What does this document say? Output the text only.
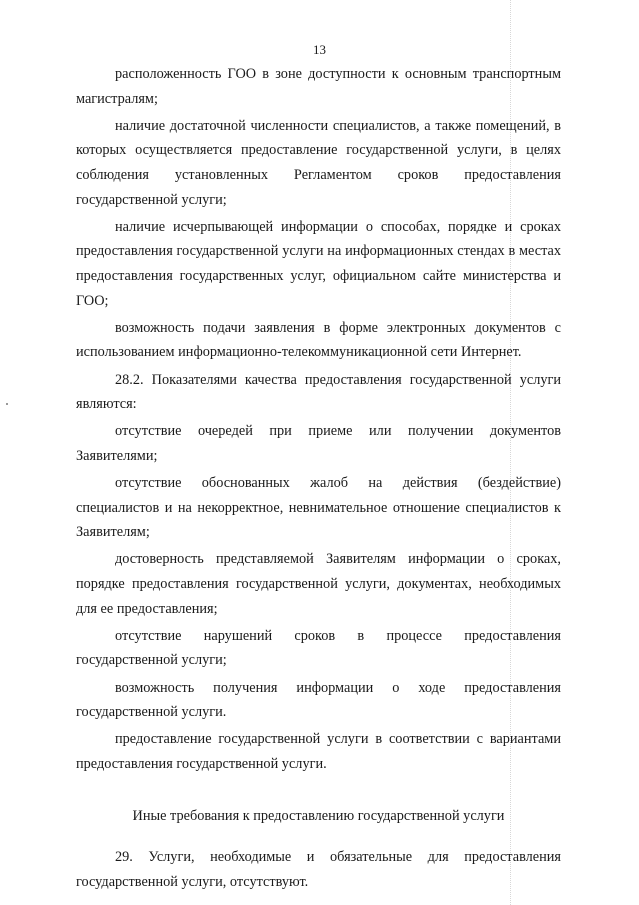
13

расположенность ГОО в зоне доступности к основным транспортным магистралям;

наличие достаточной численности специалистов, а также помещений, в которых осуществляется предоставление государственной услуги, в целях соблюдения установленных Регламентом сроков предоставления государственной услуги;

наличие исчерпывающей информации о способах, порядке и сроках предоставления государственной услуги на информационных стендах в местах предоставления государственных услуг, официальном сайте министерства и ГОО;

возможность подачи заявления в форме электронных документов с использованием информационно-телекоммуникационной сети Интернет.

28.2. Показателями качества предоставления государственной услуги являются:

отсутствие очередей при приеме или получении документов Заявителями;

отсутствие обоснованных жалоб на действия (бездействие) специалистов и на некорректное, невнимательное отношение специалистов к Заявителям;

достоверность представляемой Заявителям информации о сроках, порядке предоставления государственной услуги, документах, необходимых для ее предоставления;

отсутствие нарушений сроков в процессе предоставления государственной услуги;

возможность получения информации о ходе предоставления государственной услуги.

предоставление государственной услуги в соответствии с вариантами предоставления государственной услуги.

Иные требования к предоставлению государственной услуги

29. Услуги, необходимые и обязательные для предоставления государственной услуги, отсутствуют.
